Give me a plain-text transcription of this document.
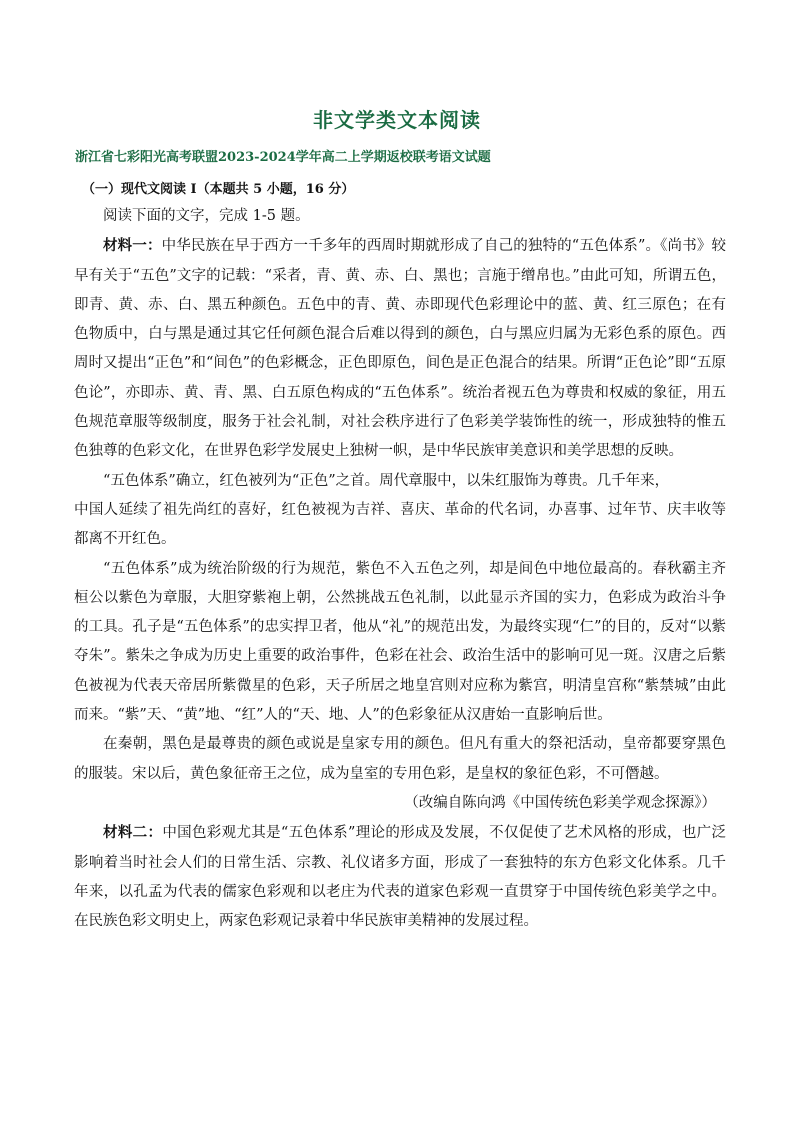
非文学类文本阅读
浙江省七彩阳光高考联盟2023-2024学年高二上学期返校联考语文试题
（一）现代文阅读 I（本题共 5 小题，16 分）

阅读下面的文字，完成 1-5 题。

材料一：中华民族在早于西方一千多年的西周时期就形成了自己的独特的“五色体系”。《尚书》较早有关于“五色”文字的记载：“采者，青、黄、赤、白、黑也；言施于缯帛也。”由此可知，所谓五色，即青、黄、赤、白、黑五种颜色。五色中的青、黄、赤即现代色彩理论中的蓝、黄、红三原色；在有色物质中，白与黑是通过其它任何颜色混合后难以得到的颜色，白与黑应归属为无彩色系的原色。西周时又提出“正色”和“间色”的色彩概念，正色即原色，间色是正色混合的结果。所谓“正色论”即“五原色论”，亦即赤、黄、青、黑、白五原色构成的“五色体系”。统治者视五色为尊贵和权威的象征，用五色规范章服等级制度，服务于社会礼制，对社会秩序进行了色彩美学装饰性的统一，形成独特的惟五色独尊的色彩文化，在世界色彩学发展史上独树一帜，是中华民族审美意识和美学思想的反映。

“五色体系”确立，红色被列为“正色”之首。周代章服中，以朱红服饰为尊贵。几千年来，

中国人延续了祖先尚红的喜好，红色被视为吉祥、喜庆、革命的代名词，办喜事、过年节、庆丰收等都离不开红色。

“五色体系”成为统治阶级的行为规范，紫色不入五色之列，却是间色中地位最高的。春秋霸主齐桓公以紫色为章服，大胆穿紫袍上朝，公然挑战五色礼制，以此显示齐国的实力，色彩成为政治斗争的工具。孔子是“五色体系”的忠实捍卫者，他从“礼”的规范出发，为最终实现“仁”的目的，反对“以紫夺朱”。紫朱之争成为历史上重要的政治事件，色彩在社会、政治生活中的影响可见一斑。汉唐之后紫色被视为代表天帝居所紫微星的色彩，天子所居之地皇宫则对应称为紫宫，明清皇宫称“紫禁城”由此而来。“紫”天、“黄”地、“红”人的“天、地、人”的色彩象征从汉唐始一直影响后世。

在秦朝，黑色是最尊贵的颜色或说是皇家专用的颜色。但凡有重大的祭祀活动，皇帝都要穿黑色的服装。宋以后，黄色象征帝王之位，成为皇室的专用色彩，是皇权的象征色彩，不可僭越。

（改编自陈向鸿《中国传统色彩美学观念探源》）

材料二：中国色彩观尤其是“五色体系”理论的形成及发展，不仅促使了艺术风格的形成，也广泛影响着当时社会人们的日常生活、宗教、礼仪诸多方面，形成了一套独特的东方色彩文化体系。几千年来，以孔孟为代表的儒家色彩观和以老庄为代表的道家色彩观一直贯穿于中国传统色彩美学之中。在民族色彩文明史上，两家色彩观记录着中华民族审美精神的发展过程。
